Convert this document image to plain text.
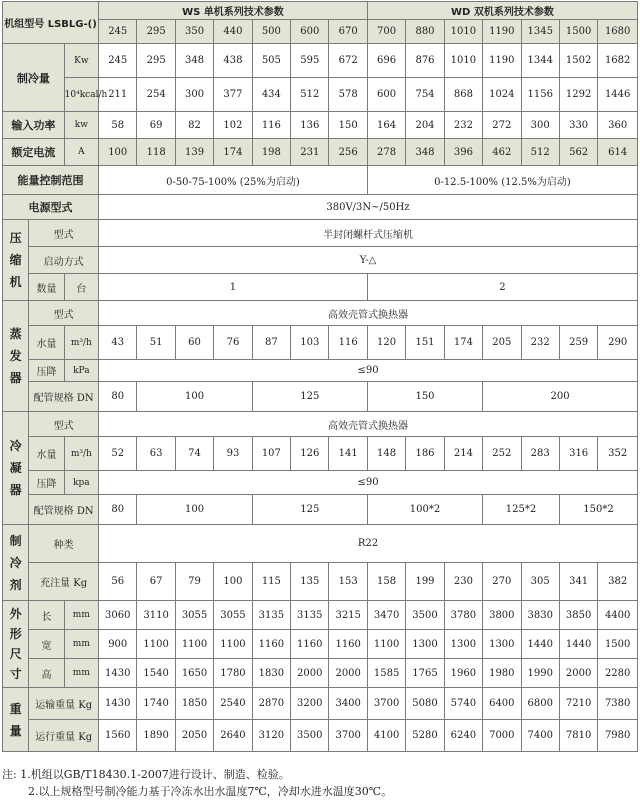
机组型号 LSBLG-()			WS 单机系列技术参数							WD 双机系列技术参数						
			245	295	350	440	500	600	670	700	880	1010	1190	1345	1500	1680
制冷量		Kw	245	295	348	438	505	595	672	696	876	1010	1190	1344	1502	1682
		10⁴kcal/h	211	254	300	377	434	512	578	600	754	868	1024	1156	1292	1446
输入功率		kw	58	69	82	102	116	136	150	164	204	232	272	300	330	360
额定电流		A	100	118	139	174	198	231	256	278	348	396	462	512	562	614
能量控制范围			0-50-75-100% (25%为启动)							0-12.5-100% (12.5%为启动)						
电源型式			380V/3N~/50Hz													

压
缩
机	型式		半封闭螺杆式压缩机													
	启动方式		Y-△													
	数量	台	1							2						

蒸
发
器	型式		高效壳管式换热器													
	水量	m³/h	43	51	60	76	87	103	116	120	151	174	205	232	259	290
	压降	kPa	≤90													
	配管规格 DN		80	100			125			150			200			

冷
凝
器	型式		高效壳管式换热器													
	水量	m³/h	52	63	74	93	107	126	141	148	186	214	252	283	316	352
	压降	kpa	≤90													
	配管规格 DN		80	100			125			100*2			125*2		150*2	

制
冷
剂	种类		R22													
	充注量 Kg		56	67	79	100	115	135	153	158	199	230	270	305	341	382

外
形
尺
寸	长	mm	3060	3110	3055	3055	3135	3135	3215	3470	3500	3780	3800	3830	3850	4400
	宽	mm	900	1100	1100	1100	1160	1160	1160	1100	1300	1300	1300	1440	1440	1500
	高	mm	1430	1540	1650	1780	1830	2000	2000	1585	1765	1960	1980	1990	2000	2280

重
量	运输重量 Kg		1430	1740	1850	2540	2870	3200	3400	3700	5080	5740	6400	6800	7210	7380
	运行重量 Kg		1560	1890	2050	2640	3120	3500	3700	4100	5280	6240	7000	7400	7810	7980
注: 1.机组以GB/T18430.1-2007进行设计、制造、检验。
2.以上规格型号制冷能力基于冷冻水出水温度7℃，冷却水进水温度30℃。
